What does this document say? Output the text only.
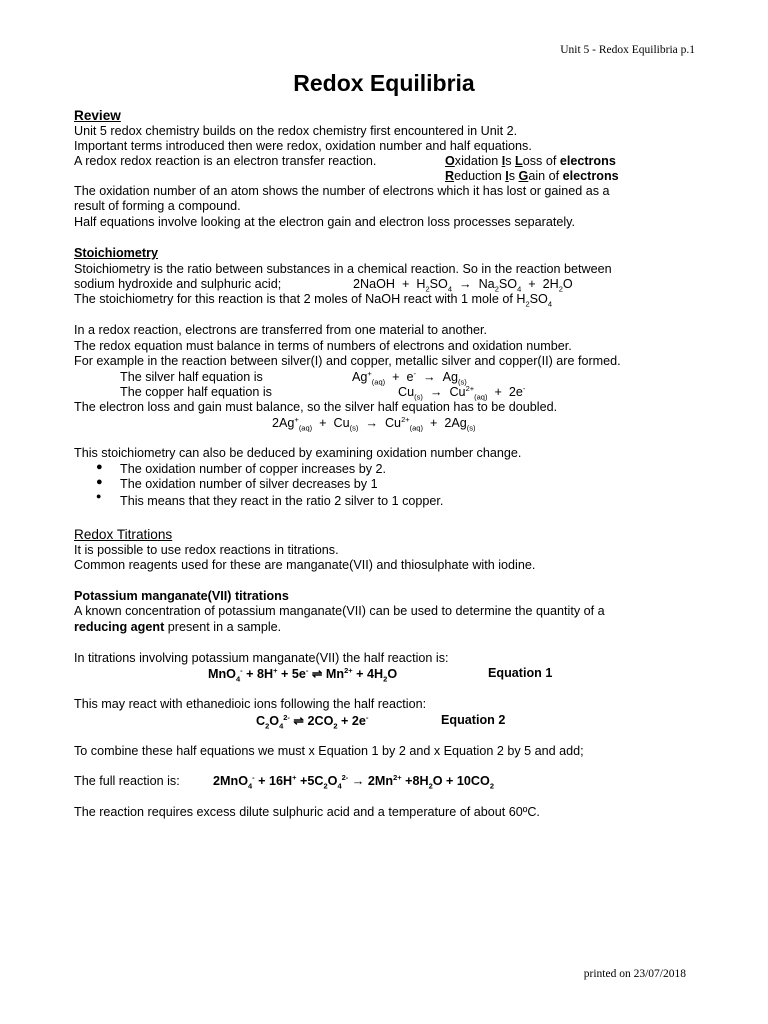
Unit 5 - Redox Equilibria p.1
Redox Equilibria
Review
Unit 5 redox chemistry builds on the redox chemistry first encountered in Unit 2.
Important terms introduced then were redox, oxidation number and half equations.
A redox redox reaction is an electron transfer reaction.	Oxidation Is Loss of electrons
Reduction Is Gain of electrons
The oxidation number of an atom shows the number of electrons which it has lost or gained as a
result of forming a compound.
Half equations involve looking at the electron gain and electron loss processes separately.
Stoichiometry
Stoichiometry is the ratio between substances in a chemical reaction. So in the reaction between
sodium hydroxide and sulphuric acid;	2NaOH  +  $H_2SO_4 \to Na_2SO_4 + 2H_2O$
The stoichiometry for this reaction is that 2 moles of NaOH react with 1 mole of $H_2SO_4$
In a redox reaction, electrons are transferred from one material to another.
The redox equation must balance in terms of numbers of electrons and oxidation number.
For example in the reaction between silver(I) and copper, metallic silver and copper(II) are formed.
The silver half equation is	$Ag^+_{(aq)} + e^- \to Ag_{(s)}$
The copper half equation is	$Cu_{(s)} \to Cu^{2+}_{(aq)} + 2e^-$
The electron loss and gain must balance, so the silver half equation has to be doubled.
$2Ag^+_{(aq)} + Cu_{(s)} \to Cu^{2+}_{(aq)} + 2Ag_{(s)}$
This stoichiometry can also be deduced by examining oxidation number change.
● The oxidation number of copper increases by 2.
● The oxidation number of silver decreases by 1
● This means that they react in the ratio 2 silver to 1 copper.
Redox Titrations
It is possible to use redox reactions in titrations.
Common reagents used for these are manganate(VII) and thiosulphate with iodine.
Potassium manganate(VII) titrations
A known concentration of potassium manganate(VII) can be used to determine the quantity of a
reducing agent present in a sample.
In titrations involving potassium manganate(VII) the half reaction is:
MnO$_4$- + 8H+ + 5e- ⇌ $Mn^{2+} + 4H_2O$	Equation 1
This may react with ethanedioic ions following the half reaction:
$C_2O_4^{2-}$ ⇌ $2CO_2 + 2e^-$	Equation 2
To combine these half equations we must x Equation 1 by 2 and x Equation 2 by 5 and add;
The full reaction is:	$2MnO_4^- + 16H^+ +5C_2O_4^{2-} \to 2Mn^{2+} +8H_2O + 10CO_2$
The reaction requires excess dilute sulphuric acid and a temperature of about 60ºC.
printed on 23/07/2018
